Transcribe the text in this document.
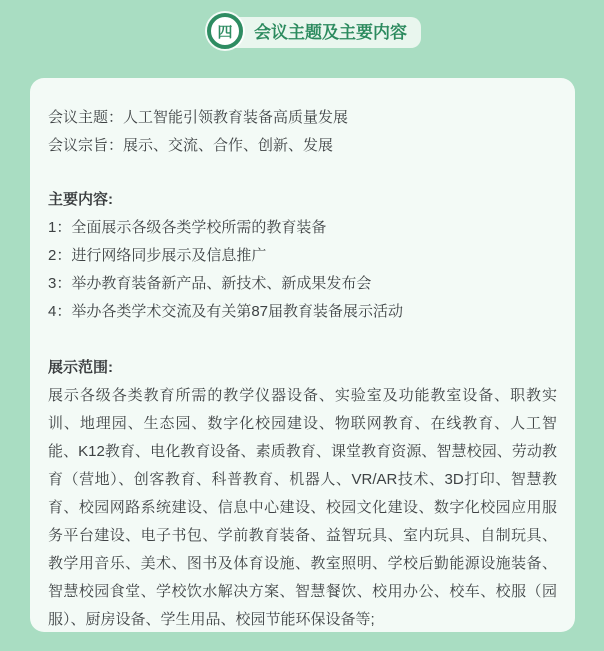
会议主题及主要内容
四

会议主题：人工智能引领教育装备高质量发展

会议宗旨：展示、交流、合作、创新、发展

主要内容:

1：全面展示各级各类学校所需的教育装备

2：进行网络同步展示及信息推广

3：举办教育装备新产品、新技术、新成果发布会

4：举办各类学术交流及有关第87届教育装备展示活动

展示范围:

展示各级各类教育所需的教学仪器设备、实验室及功能教室设备、职教实训、地理园、生态园、数字化校园建设、物联网教育、在线教育、人工智能、K12教育、电化教育设备、素质教育、课堂教育资源、智慧校园、劳动教育（营地）、创客教育、科普教育、机器人、VR/AR技术、3D打印、智慧教育、校园网路系统建设、信息中心建设、校园文化建设、数字化校园应用服务平台建设、电子书包、学前教育装备、益智玩具、室内玩具、自制玩具、教学用音乐、美术、图书及体育设施、教室照明、学校后勤能源设施装备、智慧校园食堂、学校饮水解决方案、智慧餐饮、校用办公、校车、校服（园服）、厨房设备、学生用品、校园节能环保设备等;
